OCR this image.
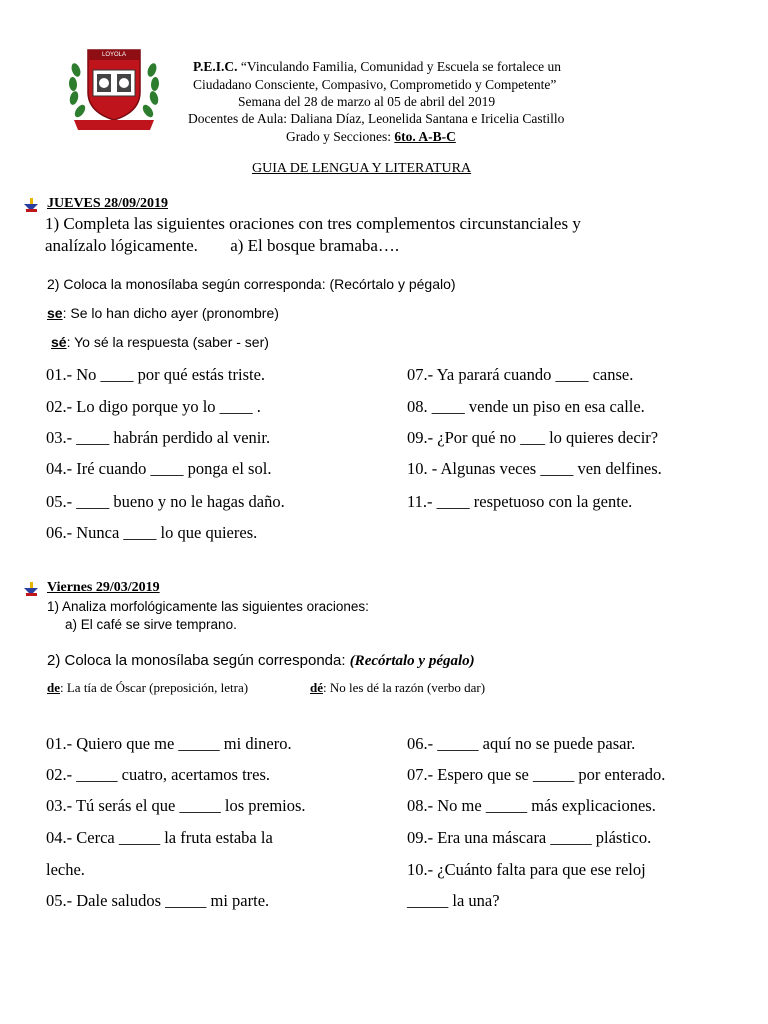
LOYOLA
P.E.I.C. “Vinculando Familia, Comunidad y Escuela se fortalece un
Ciudadano Consciente, Compasivo, Comprometido y Competente”
Semana del 28 de marzo al 05 de abril del 2019
Docentes de Aula: Daliana Díaz, Leonelida Santana e Iricelia Castillo
Grado y Secciones: 6to. A-B-C
GUIA DE LENGUA Y LITERATURA
JUEVES 28/09/2019
1) Completa las siguientes oraciones con tres complementos circunstanciales y
analízalo lógicamente. a) El bosque bramaba….
2) Coloca la monosílaba según corresponda: (Recórtalo y pégalo)
se: Se lo han dicho ayer (pronombre)
sé: Yo sé la respuesta (saber - ser)
01.- No ____ por qué estás triste.
02.- Lo digo porque yo lo ____ .
03.- ____ habrán perdido al venir.
04.- Iré cuando ____ ponga el sol.
05.- ____ bueno y no le hagas daño.
06.- Nunca ____ lo que quieres.
07.- Ya parará cuando ____ canse.
08. ____ vende un piso en esa calle.
09.- ¿Por qué no ___ lo quieres decir?
10. - Algunas veces ____ ven delfines.
11.- ____ respetuoso con la gente.
Viernes 29/03/2019
1) Analiza morfológicamente las siguientes oraciones:
a) El café se sirve temprano.
2) Coloca la monosílaba según corresponda: (Recórtalo y pégalo)
de: La tía de Óscar (preposición, letra)	dé: No les dé la razón (verbo dar)
01.- Quiero que me _____ mi dinero.
02.- _____ cuatro, acertamos tres.
03.- Tú serás el que _____ los premios.
04.- Cerca _____ la fruta estaba la
leche.
05.- Dale saludos _____ mi parte.
06.- _____ aquí no se puede pasar.
07.- Espero que se _____ por enterado.
08.- No me _____ más explicaciones.
09.- Era una máscara _____ plástico.
10.- ¿Cuánto falta para que ese reloj
_____ la una?
